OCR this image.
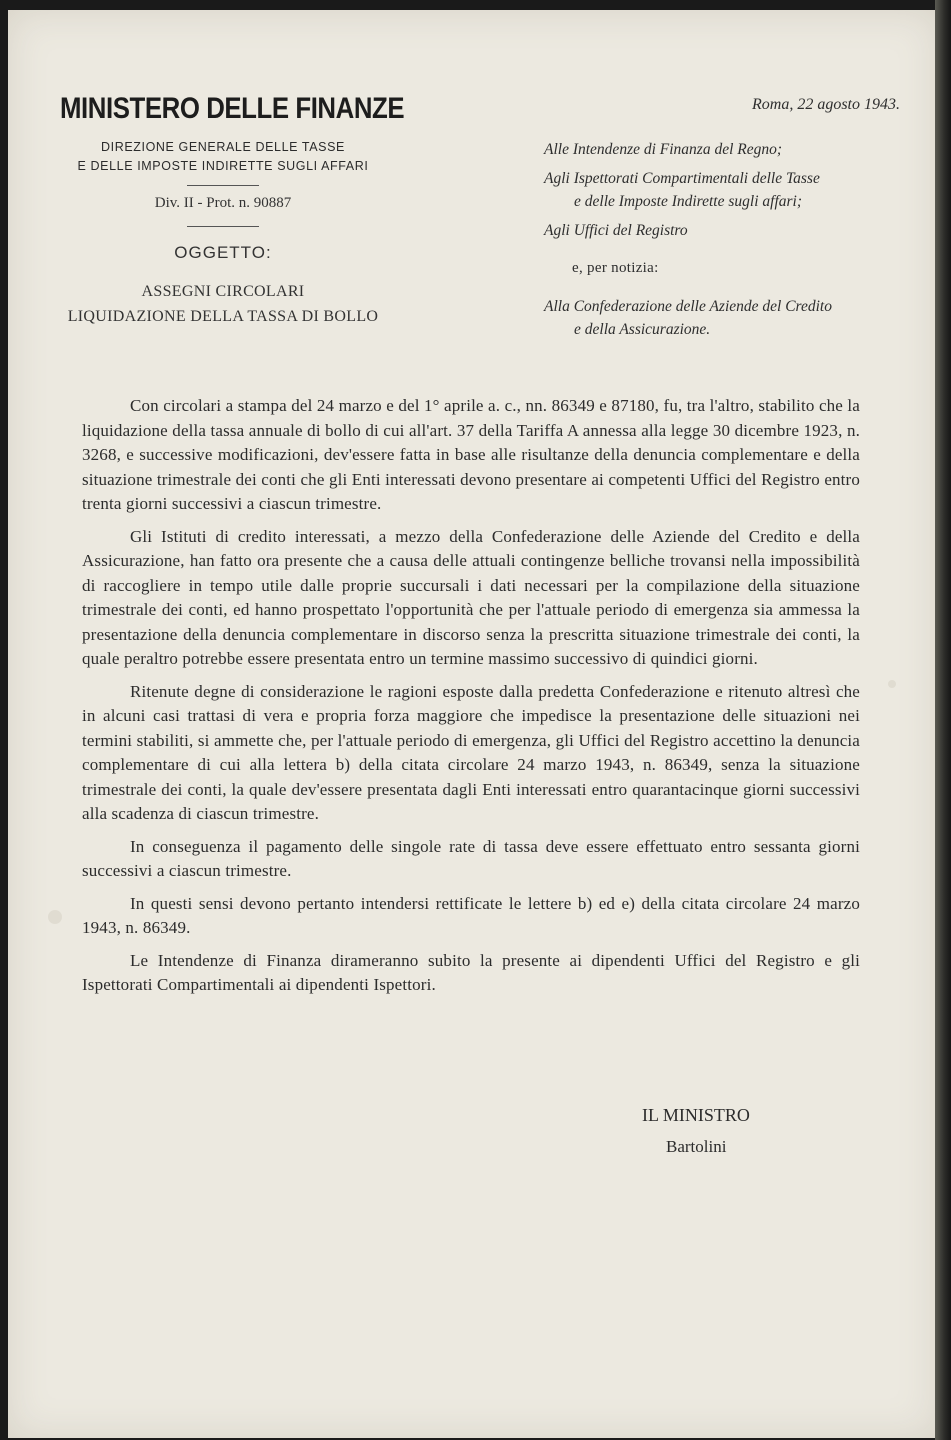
MINISTERO DELLE FINANZE
DIREZIONE GENERALE DELLE TASSE
E DELLE IMPOSTE INDIRETTE SUGLI AFFARI
Div. II - Prot. n. 90887
OGGETTO:
ASSEGNI CIRCOLARI
LIQUIDAZIONE DELLA TASSA DI BOLLO
Roma, 22 agosto 1943.
Alle Intendenze di Finanza del Regno;
Agli Ispettorati Compartimentali delle Tasse
e delle Imposte Indirette sugli affari;
Agli Uffici del Registro
e, per notizia:
Alla Confederazione delle Aziende del Credito
e della Assicurazione.

Con circolari a stampa del 24 marzo e del 1° aprile a. c., nn. 86349 e 87180, fu, tra l'altro, stabilito che la liquidazione della tassa annuale di bollo di cui all'art. 37 della Tariffa A annessa alla legge 30 dicembre 1923, n. 3268, e successive modificazioni, dev'essere fatta in base alle risultanze della denuncia complementare e della situazione trimestrale dei conti che gli Enti interessati devono presentare ai competenti Uffici del Registro entro trenta giorni successivi a ciascun trimestre.

Gli Istituti di credito interessati, a mezzo della Confederazione delle Aziende del Credito e della Assicurazione, han fatto ora presente che a causa delle attuali contingenze belliche trovansi nella impossibilità di raccogliere in tempo utile dalle proprie succursali i dati necessari per la compilazione della situazione trimestrale dei conti, ed hanno prospettato l'opportunità che per l'attuale periodo di emergenza sia ammessa la presentazione della denuncia complementare in discorso senza la prescritta situazione trimestrale dei conti, la quale peraltro potrebbe essere presentata entro un termine massimo successivo di quindici giorni.

Ritenute degne di considerazione le ragioni esposte dalla predetta Confederazione e ritenuto altresì che in alcuni casi trattasi di vera e propria forza maggiore che impedisce la presentazione delle situazioni nei termini stabiliti, si ammette che, per l'attuale periodo di emergenza, gli Uffici del Registro accettino la denuncia complementare di cui alla lettera b) della citata circolare 24 marzo 1943, n. 86349, senza la situazione trimestrale dei conti, la quale dev'essere presentata dagli Enti interessati entro quarantacinque giorni successivi alla scadenza di ciascun trimestre.

In conseguenza il pagamento delle singole rate di tassa deve essere effettuato entro sessanta giorni successivi a ciascun trimestre.

In questi sensi devono pertanto intendersi rettificate le lettere b) ed e) della citata circolare 24 marzo 1943, n. 86349.

Le Intendenze di Finanza dirameranno subito la presente ai dipendenti Uffici del Registro e gli Ispettorati Compartimentali ai dipendenti Ispettori.

IL MINISTRO
Bartolini
